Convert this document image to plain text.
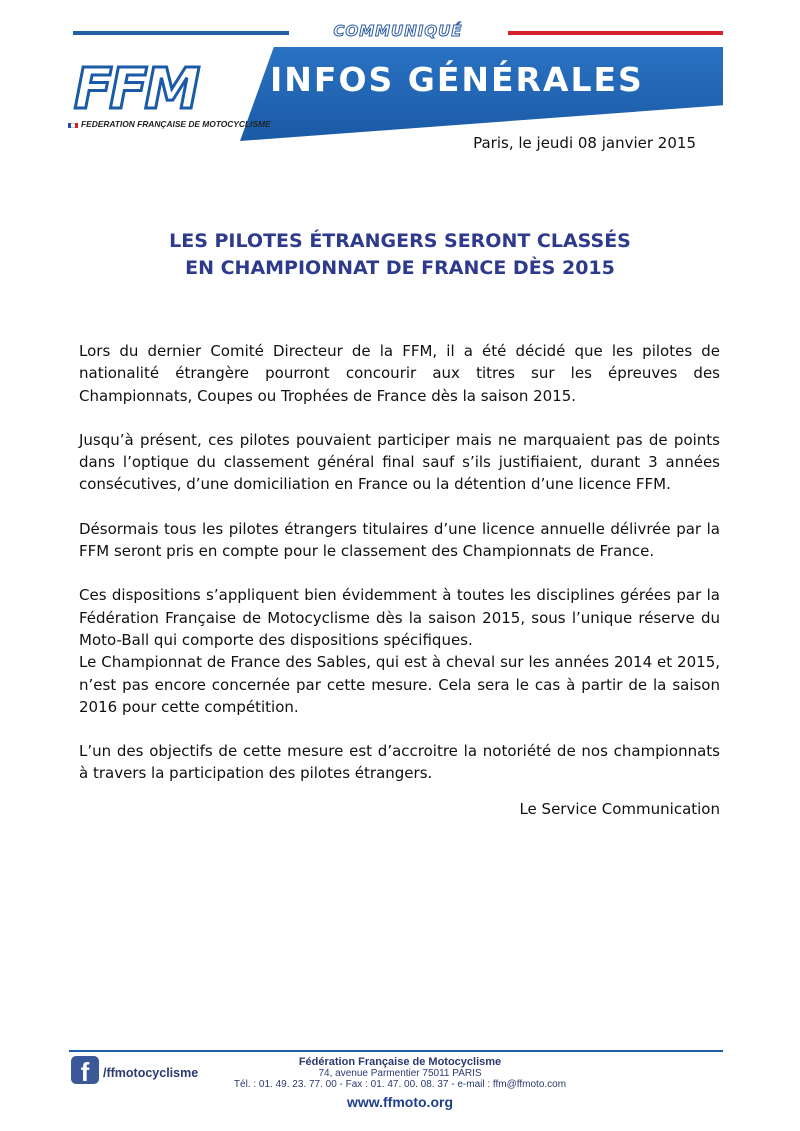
COMMUNIQUÉ
INFOS GÉNÉRALES
FFM
FEDERATION FRANÇAISE DE MOTOCYCLISME
Paris, le jeudi 08 janvier 2015
LES PILOTES ÉTRANGERS SERONT CLASSÉS
EN CHAMPIONNAT DE FRANCE DÈS 2015

Lors du dernier Comité Directeur de la FFM, il a été décidé que les pilotes de nationalité étrangère pourront concourir aux titres sur les épreuves des Championnats, Coupes ou Trophées de France dès la saison 2015.

Jusqu’à présent, ces pilotes pouvaient participer mais ne marquaient pas de points dans l’optique du classement général final sauf s’ils justifiaient, durant 3 années consécutives, d’une domiciliation en France ou la détention d’une licence FFM.

Désormais tous les pilotes étrangers titulaires d’une licence annuelle délivrée par la FFM seront pris en compte pour le classement des Championnats de France.

Ces dispositions s’appliquent bien évidemment à toutes les disciplines gérées par la Fédération Française de Motocyclisme dès la saison 2015, sous l’unique réserve du Moto-Ball qui comporte des dispositions spécifiques.

Le Championnat de France des Sables, qui est à cheval sur les années 2014 et 2015, n’est pas encore concernée par cette mesure. Cela sera le cas à partir de la saison 2016 pour cette compétition.

L’un des objectifs de cette mesure est d’accroitre la notoriété de nos championnats à travers la participation des pilotes étrangers.

Le Service Communication
f	/ffmotocyclisme
Fédération Française de Motocyclisme
74, avenue Parmentier 75011 PARIS
Tél. : 01. 49. 23. 77. 00 - Fax : 01. 47. 00. 08. 37 - e-mail : ffm@ffmoto.com
www.ffmoto.org
